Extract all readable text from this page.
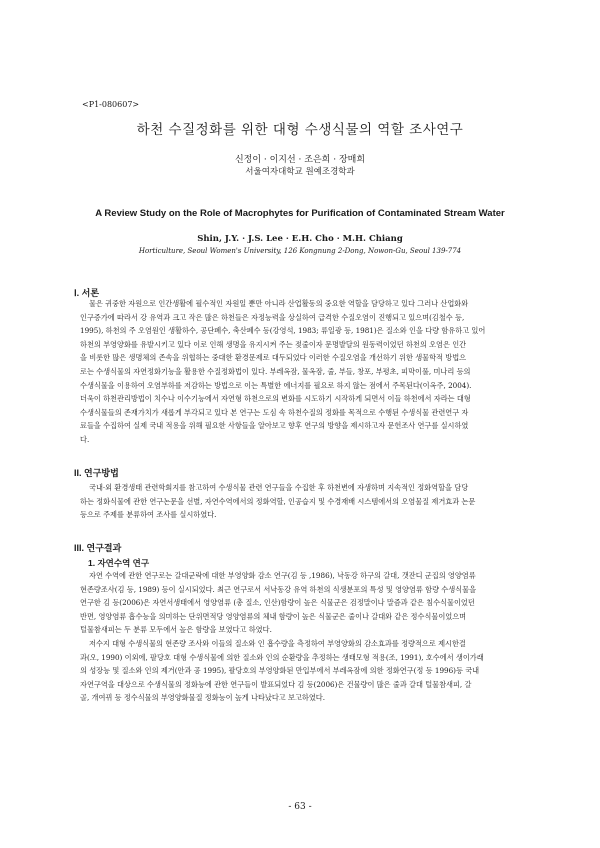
<P1-080607>
하천 수질정화를 위한 대형 수생식물의 역할 조사연구
신정이 · 이지선 · 조은희 · 장매희
서울여자대학교 원예조경학과
A Review Study on the Role of Macrophytes for Purification of Contaminated Stream Water
Shin, J.Y. · J.S. Lee · E.H. Cho · M.H. Chiang
Horticulture, Seoul Women's University, 126 Kongnung 2-Dong, Nowon-Gu, Seoul 139-774
Ⅰ. 서론
물은 귀중한 자원으로 인간생활에 필수적인 자원일 뿐만 아니라 산업활동의 중요한 역할을 담당하고 있다 그러나 산업화와
인구증가에 따라서 강 유역과 크고 작은 많은 하천들은 자정능력을 상실하여 급격한 수질오염이 진행되고 있으며(김철수 등,
1995), 하천의 주 오염원인 생활하수, 공단폐수, 축산폐수 등(강영석, 1983; 류일광 등, 1981)은 질소와 인을 다량 함유하고 있어
하천의 부영양화를 유발시키고 있다 이로 인해 생명을 유지시켜 주는 젖줄이자 문명발달의 원동력이었던 하천의 오염은 인간
을 비롯한 많은 생명체의 존속을 위협하는 중대한 환경문제로 대두되었다 이러한 수질오염을 개선하기 위한 생물학적 방법으
로는 수생식물의 자연정화기능을 활용한 수질정화법이 있다. 부레옥잠, 물옥잠, 줄, 부들, 창포, 부평초, 피막이풀, 미나리 등의
수생식물을 이용하여 오염부하를 저감하는 방법으로 이는 특별한 에너지를 필요로 하지 않는 점에서 주목된다(이옥주, 2004).
더욱이 하천관리방법이 치수나 이수기능에서 자연형 하천으로의 변화를 시도하기 시작하게 되면서 이들 하천에서 자라는 대형
수생식물들의 존재가치가 새롭게 부각되고 있다 본 연구는 도심 속 하천수질의 정화를 목적으로 수행된 수생식물 관련연구 자
료들을 수집하여 실제 국내 적용을 위해 필요한 사항들을 알아보고 향후 연구의 방향을 제시하고자 문헌조사 연구를 실시하였
다.
II. 연구방법
국내·외 환경생태 관련학회지를 참고하여 수생식물 관련 연구들을 수집한 후 하천변에 자생하며 지속적인 정화역할을 담당
하는 정화식물에 관한 연구논문을 선별, 자연수역에서의 정화역할, 인공습지 및 수경재배 시스템에서의 오염물질 제거효과 논문
등으로 주제를 분류하여 조사를 실시하였다.
III. 연구결과
1. 자연수역 연구
자연 수역에 관한 연구로는 갈대군락에 대한 부영양화 감소 연구(김 등 ,1986), 낙동강 하구의 갈대, 갯잔디 군집의 영양염류
현존량조사(김 등, 1989) 등이 실시되었다. 최근 연구로서 서낙동강 유역 하천의 식생분포의 특성 및 영양염류 함량 수생식물을
연구한 김 등(2006)은 자연서생태에서 영양염류 (총 질소, 인산)함량이 높은 식물군은 검정말이나 말즘과 같은 침수식물이었던
반면, 영양염류 흡수능을 의미하는 단위면적당 영양염류의 체내 함량이 높은 식물군은 줄이나 갈대와 같은 정수식물이었으며
털물참새피는 두 분류 모두에서 높은 함량을 보였다고 하였다.
저수지 대형 수생식물의 현존량 조사와 이들의 질소와 인 흡수량을 측정하여 부영양화의 감소효과를 정량적으로 제시한결
과(오, 1990) 이외에, 팔당호 대형 수생식물에 의한 질소와 인의 순환량을 추정하는 생태모형 적용(조, 1991), 호수에서 생이가래
의 성장능 및 질소와 인의 제거(안과 공 1995), 팔당호의 부영양화된 만입부에서 부레옥잠에 의한 정화연구(정 등 1996)등 국내
자연구역을 대상으로 수생식물의 정화능에 관한 연구들이 발표되었다 김 등(2006)은 건물량이 많은 줄과 갈대 털물참새피, 갈
골, 개여뀌 등 정수식물의 부영양화물질 정화능이 높게 나타났다고 보고하였다.
- 63 -
